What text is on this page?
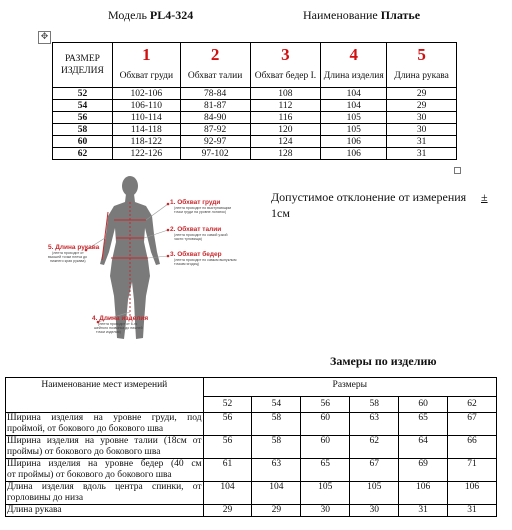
Модель PL4-324	Наименование Платье
✥
РАЗМЕР ИЗДЕЛИЯ	1	2	3	4	5
	Обхват груди	Обхват талии	Обхват бедер I.	Длина изделия	Длина рукава
52	102-106	78-84	108	104	29
54	106-110	81-87	112	104	29
56	110-114	84-90	116	105	30
58	114-118	87-92	120	105	30
60	118-122	92-97	124	106	31
62	122-126	97-102	128	106	31
1. Обхват груди
(лента проходит по выступающим
точки груди на уровне лопаток)
2. Обхват талии
(лента проходит по самой узкой
части туловища)
3. Обхват бедер
(лента проходит по самым выпуклым
точкам ягодиц)
4. Длина изделия
(лента проходит от 6-го
шейного позвонка до нижней
точки изделия)
5. Длина рукава
(лента проходит от
высшей точки плеча до
нижнего края рукава)
Допустимое отклонение от измерения	±
1см
Замеры по изделию
Наименование мест измерений	Размеры					
	52	54	56	58	60	62

Ширина изделия на уровне груди, под
проймой, от бокового до бокового шва	56	58	60	63	65	67

Ширина изделия на уровне талии (18см от
проймы) от бокового до бокового шва	56	58	60	62	64	66

Ширина изделия на уровне бедер (40 см
от проймы) от бокового до бокового шва	61	63	65	67	69	71

Длина изделия вдоль центра спинки, от
горловины до низа	104	104	105	105	106	106
Длина рукава	29	29	30	30	31	31
